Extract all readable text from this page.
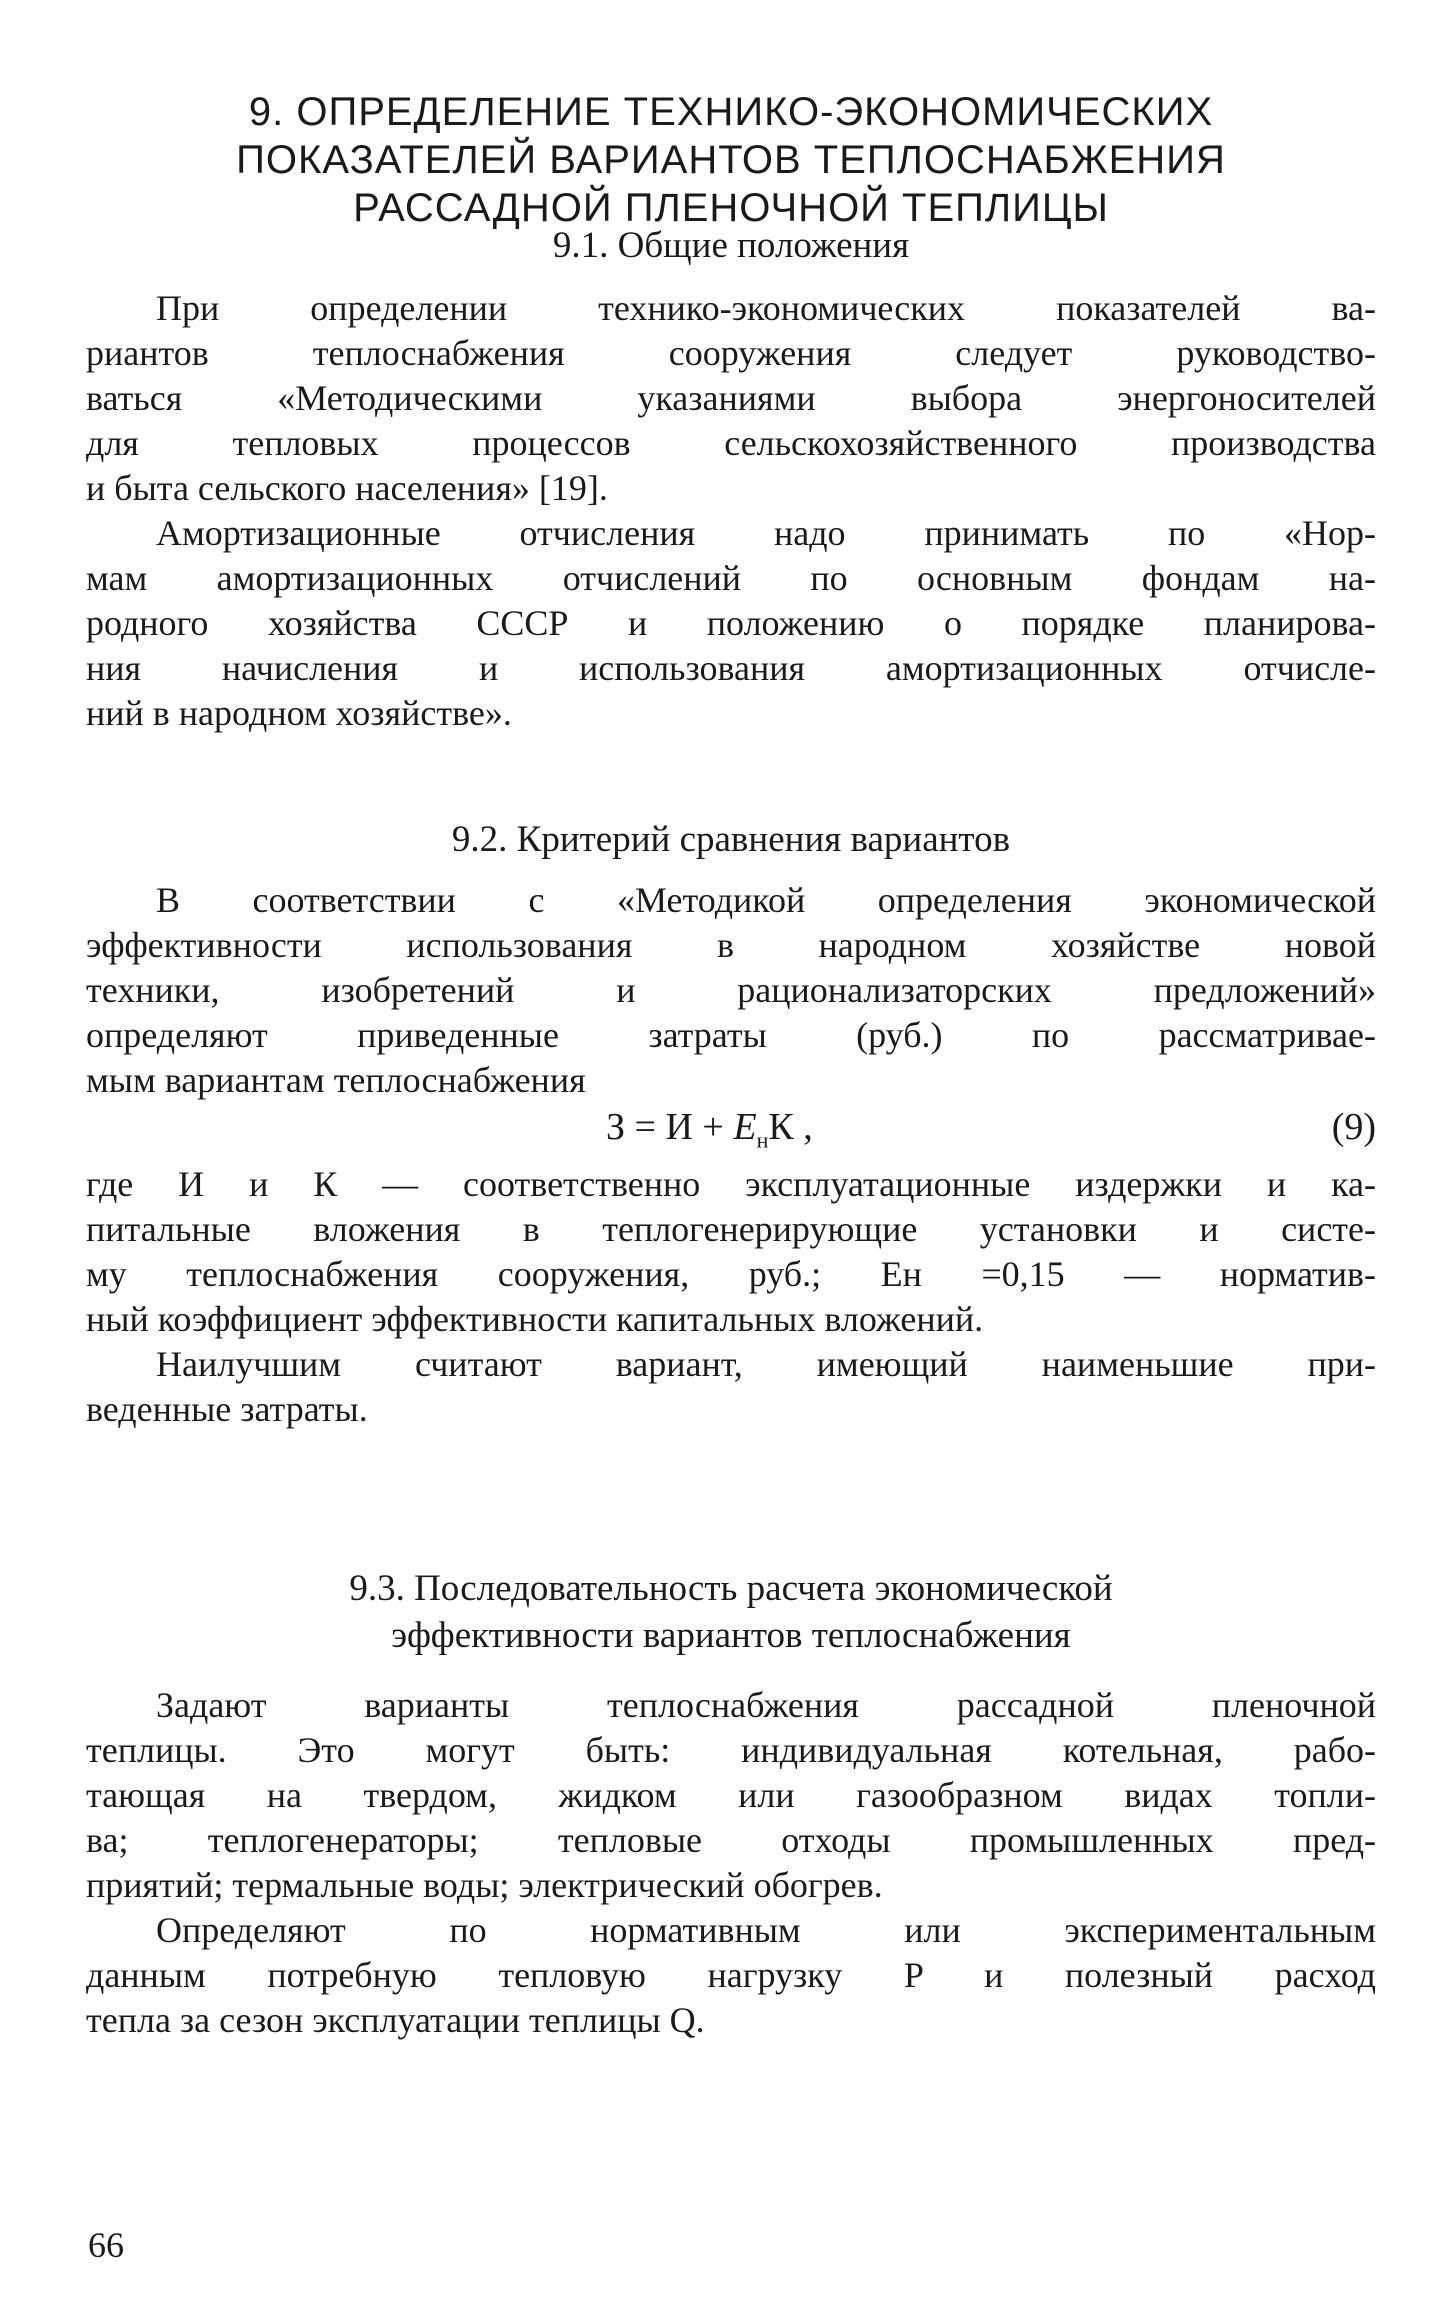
9. ОПРЕДЕЛЕНИЕ ТЕХНИКО-ЭКОНОМИЧЕСКИХ
ПОКАЗАТЕЛЕЙ ВАРИАНТОВ ТЕПЛОСНАБЖЕНИЯ
РАССАДНОЙ ПЛЕНОЧНОЙ ТЕПЛИЦЫ
9.1. Общие положения
При определении технико-экономических показателей ва-
риантов теплоснабжения сооружения следует руководство-
ваться «Методическими указаниями выбора энергоносителей
для тепловых процессов сельскохозяйственного производства
и быта сельского населения» [19].
Амортизационные отчисления надо принимать по «Нор-
мам амортизационных отчислений по основным фондам на-
родного хозяйства СССР и положению о порядке планирова-
ния начисления и использования амортизационных отчисле-
ний в народном хозяйстве».
9.2. Критерий сравнения вариантов
В соответствии с «Методикой определения экономической
эффективности использования в народном хозяйстве новой
техники, изобретений и рационализаторских предложений»
определяют приведенные затраты (руб.) по рассматривае-
мым вариантам теплоснабжения
$З = И + E_нК$ ,	(9)
где И и К — соответственно эксплуатационные издержки и ка-
питальные вложения в теплогенерирующие установки и систе-
му теплоснабжения сооружения, руб.; Eн =0,15 — норматив-
ный коэффициент эффективности капитальных вложений.
Наилучшим считают вариант, имеющий наименьшие при-
веденные затраты.
9.3. Последовательность расчета экономической
эффективности вариантов теплоснабжения
Задают варианты теплоснабжения рассадной пленочной
теплицы. Это могут быть: индивидуальная котельная, рабо-
тающая на твердом, жидком или газообразном видах топли-
ва; теплогенераторы; тепловые отходы промышленных пред-
приятий; термальные воды; электрический обогрев.
Определяют по нормативным или экспериментальным
данным потребную тепловую нагрузку P и полезный расход
тепла за сезон эксплуатации теплицы Q.
66
